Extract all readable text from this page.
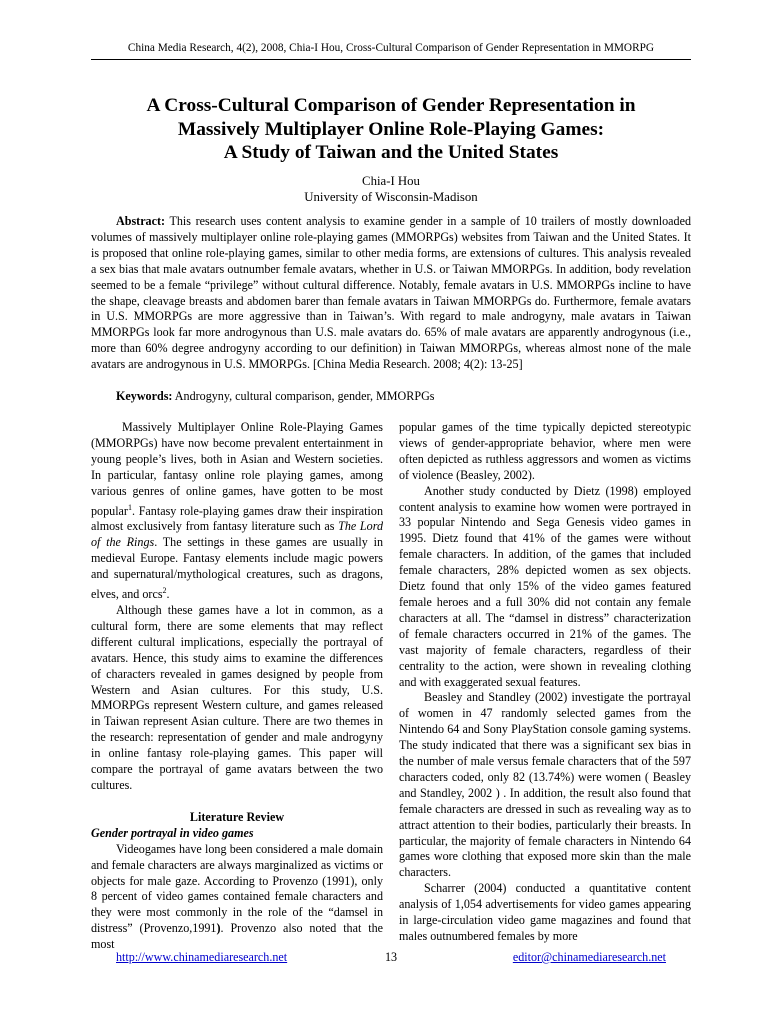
China Media Research, 4(2), 2008, Chia-I Hou, Cross-Cultural Comparison of Gender Representation in MMORPG
A Cross-Cultural Comparison of Gender Representation in
Massively Multiplayer Online Role-Playing Games:
A Study of Taiwan and the United States
Chia-I Hou
University of Wisconsin-Madison

Abstract: This research uses content analysis to examine gender in a sample of 10 trailers of mostly downloaded volumes of massively multiplayer online role-playing games (MMORPGs) websites from Taiwan and the United States. It is proposed that online role-playing games, similar to other media forms, are extensions of cultures. This analysis revealed a sex bias that male avatars outnumber female avatars, whether in U.S. or Taiwan MMORPGs. In addition, body revelation seemed to be a female “privilege” without cultural difference. Notably, female avatars in U.S. MMORPGs incline to have the shape, cleavage breasts and abdomen barer than female avatars in Taiwan MMORPGs do. Furthermore, female avatars in U.S. MMORPGs are more aggressive than in Taiwan’s. With regard to male androgyny, male avatars in Taiwan MMORPGs look far more androgynous than U.S. male avatars do. 65% of male avatars are apparently androgynous (i.e., more than 60% degree androgyny according to our definition) in Taiwan MMORPGs, whereas almost none of the male avatars are androgynous in U.S. MMORPGs. [China Media Research. 2008; 4(2): 13-25]

Keywords: Androgyny, cultural comparison, gender, MMORPGs

Massively Multiplayer Online Role-Playing Games (MMORPGs) have now become prevalent entertainment in young people’s lives, both in Asian and Western societies. In particular, fantasy online role playing games, among various genres of online games, have gotten to be most popular$^1$. Fantasy role-playing games draw their inspiration almost exclusively from fantasy literature such as The Lord of the Rings. The settings in these games are usually in medieval Europe. Fantasy elements include magic powers and supernatural/mythological creatures, such as dragons, elves, and orcs$^2$.

Although these games have a lot in common, as a cultural form, there are some elements that may reflect different cultural implications, especially the portrayal of avatars. Hence, this study aims to examine the differences of characters revealed in games designed by people from Western and Asian cultures. For this study, U.S. MMORPGs represent Western culture, and games released in Taiwan represent Asian culture. There are two themes in the research: representation of gender and male androgyny in online fantasy role-playing games. This paper will compare the portrayal of game avatars between the two cultures.

Literature Review
Gender portrayal in video games

Videogames have long been considered a male domain and female characters are always marginalized as victims or objects for male gaze. According to Provenzo (1991), only 8 percent of video games contained female characters and they were most commonly in the role of the “damsel in distress” (Provenzo,1991). Provenzo also noted that the most

popular games of the time typically depicted stereotypic views of gender-appropriate behavior, where men were often depicted as ruthless aggressors and women as victims of violence (Beasley, 2002).

Another study conducted by Dietz (1998) employed content analysis to examine how women were portrayed in 33 popular Nintendo and Sega Genesis video games in 1995. Dietz found that 41% of the games were without female characters. In addition, of the games that included female characters, 28% depicted women as sex objects. Dietz found that only 15% of the video games featured female heroes and a full 30% did not contain any female characters at all. The “damsel in distress” characterization of female characters occurred in 21% of the games. The vast majority of female characters, regardless of their centrality to the action, were shown in revealing clothing and with exaggerated sexual features.

Beasley and Standley (2002) investigate the portrayal of women in 47 randomly selected games from the Nintendo 64 and Sony PlayStation console gaming systems. The study indicated that there was a significant sex bias in the number of male versus female characters that of the 597 characters coded, only 82 (13.74%) were women ( Beasley and Standley, 2002 ) . In addition, the result also found that female characters are dressed in such as revealing way as to attract attention to their bodies, particularly their breasts. In particular, the majority of female characters in Nintendo 64 games wore clothing that exposed more skin than the male characters.

Scharrer (2004) conducted a quantitative content analysis of 1,054 advertisements for video games appearing in large-circulation video game magazines and found that males outnumbered females by more

http://www.chinamediaresearch.net	13	editor@chinamediaresearch.net
